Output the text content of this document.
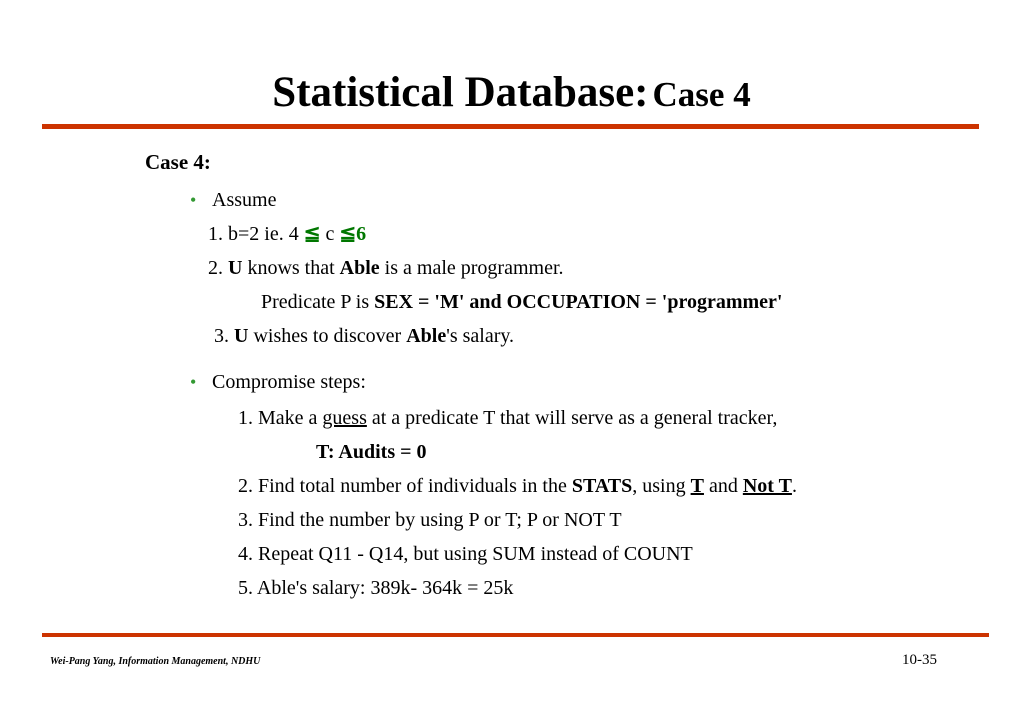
Statistical Database: Case 4
Case 4:
• Assume
1. b=2 ie. 4 ≦ c ≦6
2. U knows that Able is a male programmer.
Predicate P is SEX = 'M' and OCCUPATION = 'programmer'
3. U wishes to discover Able's salary.
• Compromise steps:
1. Make a guess at a predicate T that will serve as a general tracker,
T: Audits = 0
2. Find total number of individuals in the STATS, using T and Not T.
3. Find the number by using P or T; P or NOT T
4. Repeat Q11 - Q14, but using SUM instead of COUNT
5. Able's salary: 389k- 364k = 25k
Wei-Pang Yang, Information Management, NDHU	10-35
